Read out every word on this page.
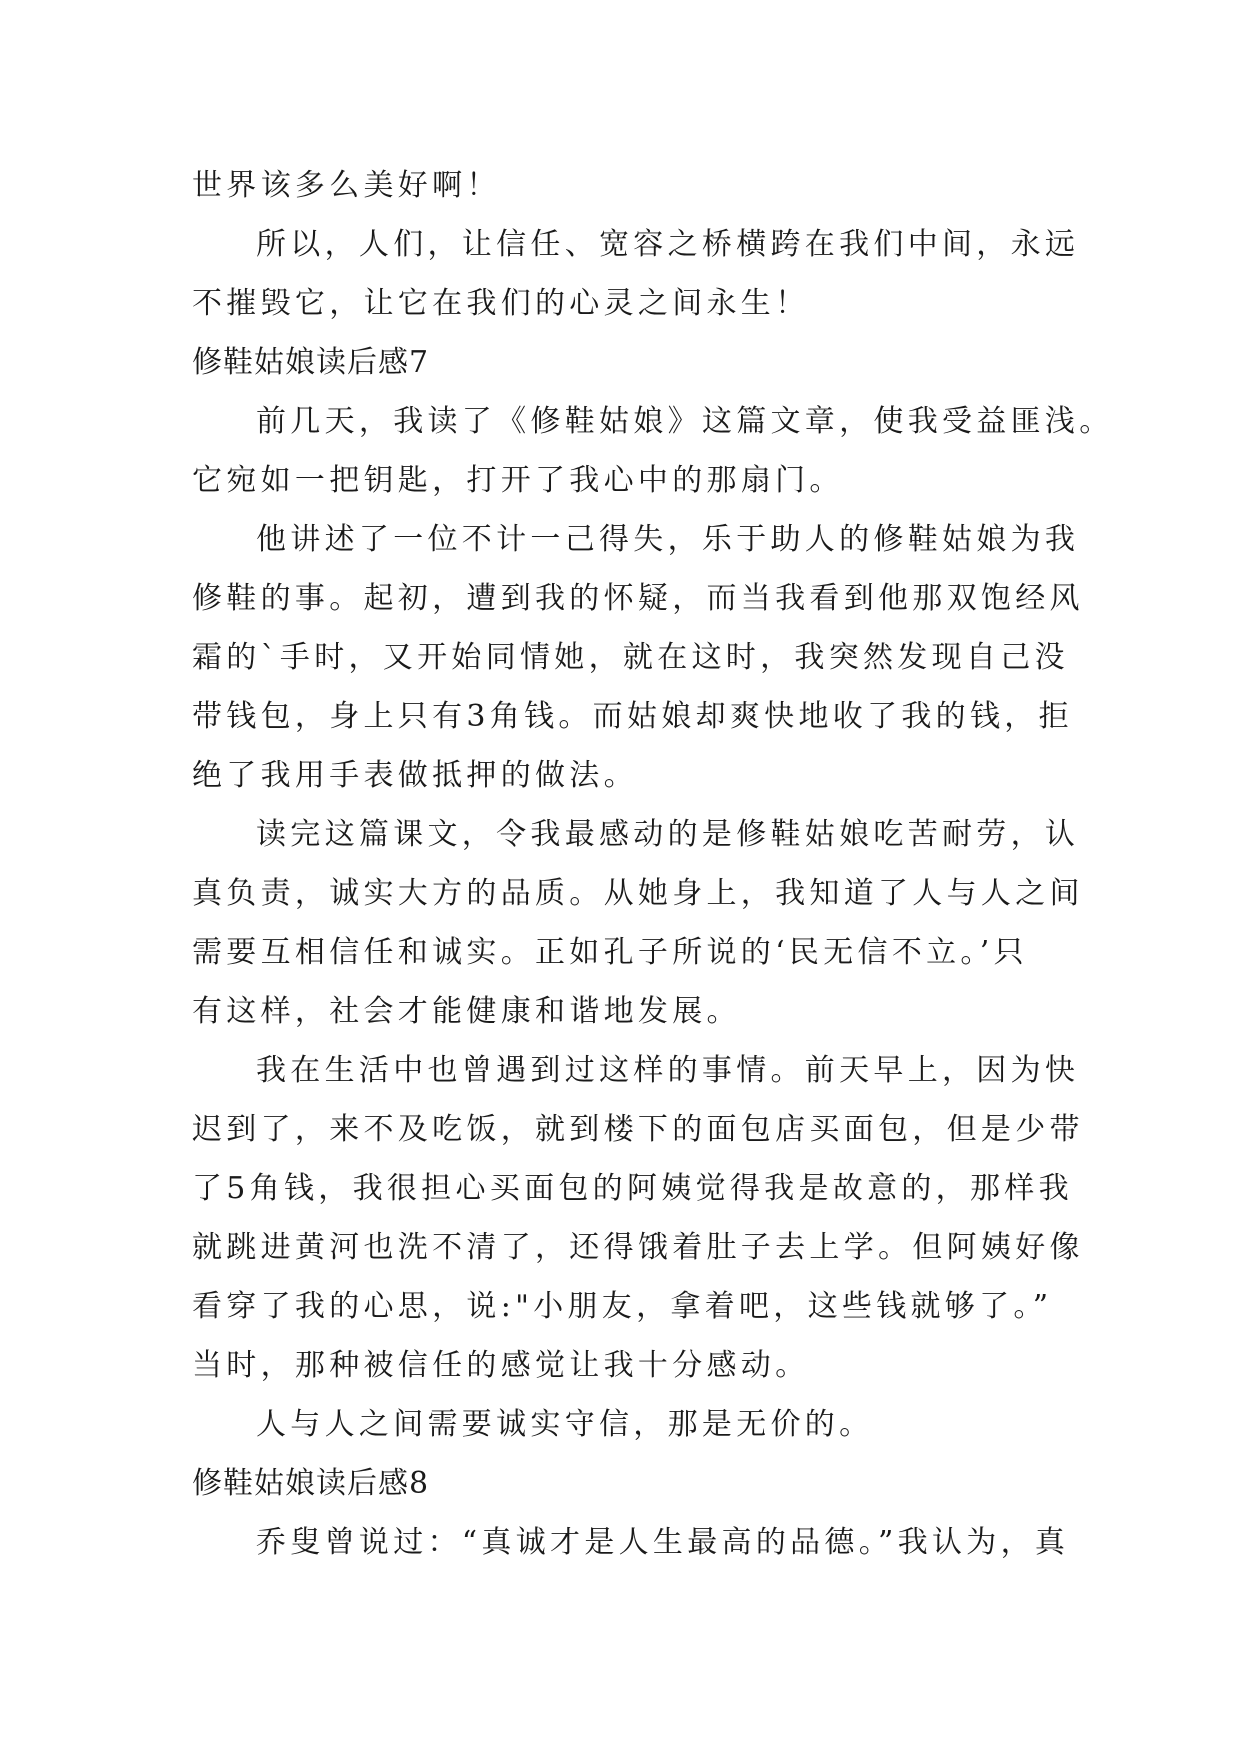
世界该多么美好啊！
所以，人们，让信任、宽容之桥横跨在我们中间，永远
不摧毁它，让它在我们的心灵之间永生！
修鞋姑娘读后感7
前几天，我读了《修鞋姑娘》这篇文章，使我受益匪浅。
它宛如一把钥匙，打开了我心中的那扇门。
他讲述了一位不计一己得失，乐于助人的修鞋姑娘为我
修鞋的事。起初，遭到我的怀疑，而当我看到他那双饱经风
霜的`手时，又开始同情她，就在这时，我突然发现自己没
带钱包，身上只有3角钱。而姑娘却爽快地收了我的钱，拒
绝了我用手表做抵押的做法。
读完这篇课文，令我最感动的是修鞋姑娘吃苦耐劳，认
真负责，诚实大方的品质。从她身上，我知道了人与人之间
需要互相信任和诚实。正如孔子所说的‘民无信不立。’只
有这样，社会才能健康和谐地发展。
我在生活中也曾遇到过这样的事情。前天早上，因为快
迟到了，来不及吃饭，就到楼下的面包店买面包，但是少带
了5角钱，我很担心买面包的阿姨觉得我是故意的，那样我
就跳进黄河也洗不清了，还得饿着肚子去上学。但阿姨好像
看穿了我的心思，说:"小朋友，拿着吧，这些钱就够了。”
当时，那种被信任的感觉让我十分感动。
人与人之间需要诚实守信，那是无价的。
修鞋姑娘读后感8
乔叟曾说过：“真诚才是人生最高的品德。”我认为，真
